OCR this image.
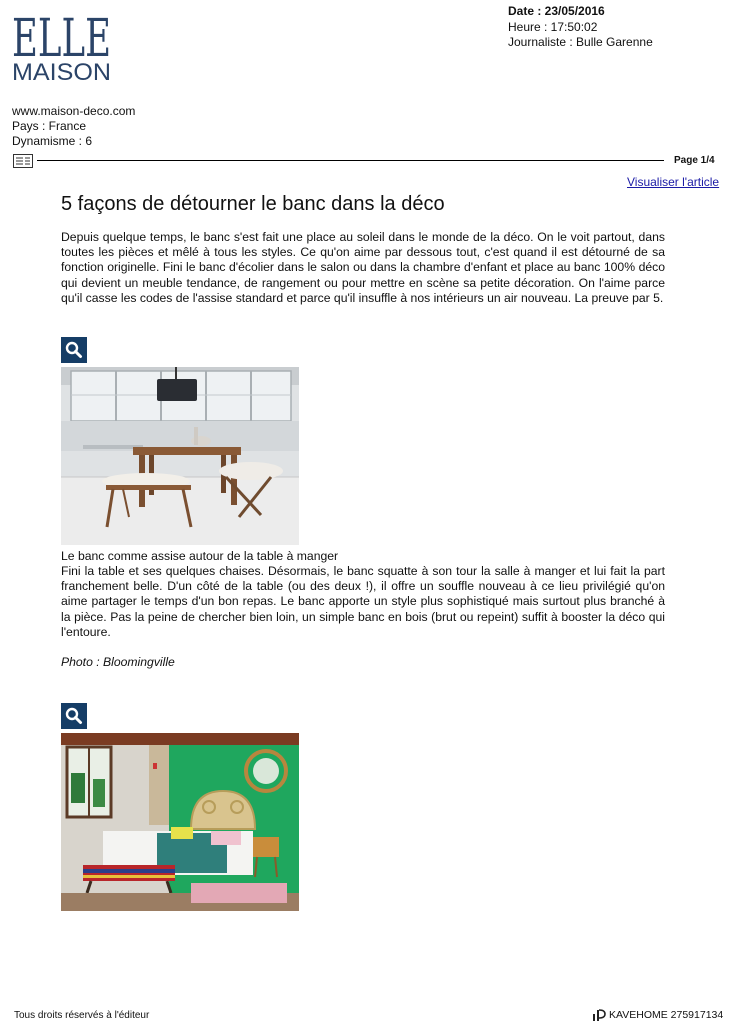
ELLE
MAISON
Date : 23/05/2016
Heure : 17:50:02
Journaliste : Bulle Garenne
www.maison-deco.com
Pays : France
Dynamisme : 6
Page 1/4
Visualiser l'article
5 façons de détourner le banc dans la déco
Depuis quelque temps, le banc s'est fait une place au soleil dans le monde de la déco. On le voit partout, dans toutes les pièces et mêlé à tous les styles. Ce qu'on aime par dessous tout, c'est quand il est détourné de sa fonction originelle. Fini le banc d'écolier dans le salon ou dans la chambre d'enfant et place au banc 100% déco qui devient un meuble tendance, de rangement ou pour mettre en scène sa petite décoration. On l'aime parce qu'il casse les codes de l'assise standard et parce qu'il insuffle à nos intérieurs un air nouveau. La preuve par 5.
Le banc comme assise autour de la table à manger
Fini la table et ses quelques chaises. Désormais, le banc squatte à son tour la salle à manger et lui fait la part franchement belle. D'un côté de la table (ou des deux !), il offre un souffle nouveau à ce lieu privilégié qu'on aime partager le temps d'un bon repas. Le banc apporte un style plus sophistiqué mais surtout plus branché à la pièce. Pas la peine de chercher bien loin, un simple banc en bois (brut ou repeint) suffit à booster la déco qui l'entoure.
Photo : Bloomingville
Tous droits réservés à l'éditeur	KAVEHOME 275917134
